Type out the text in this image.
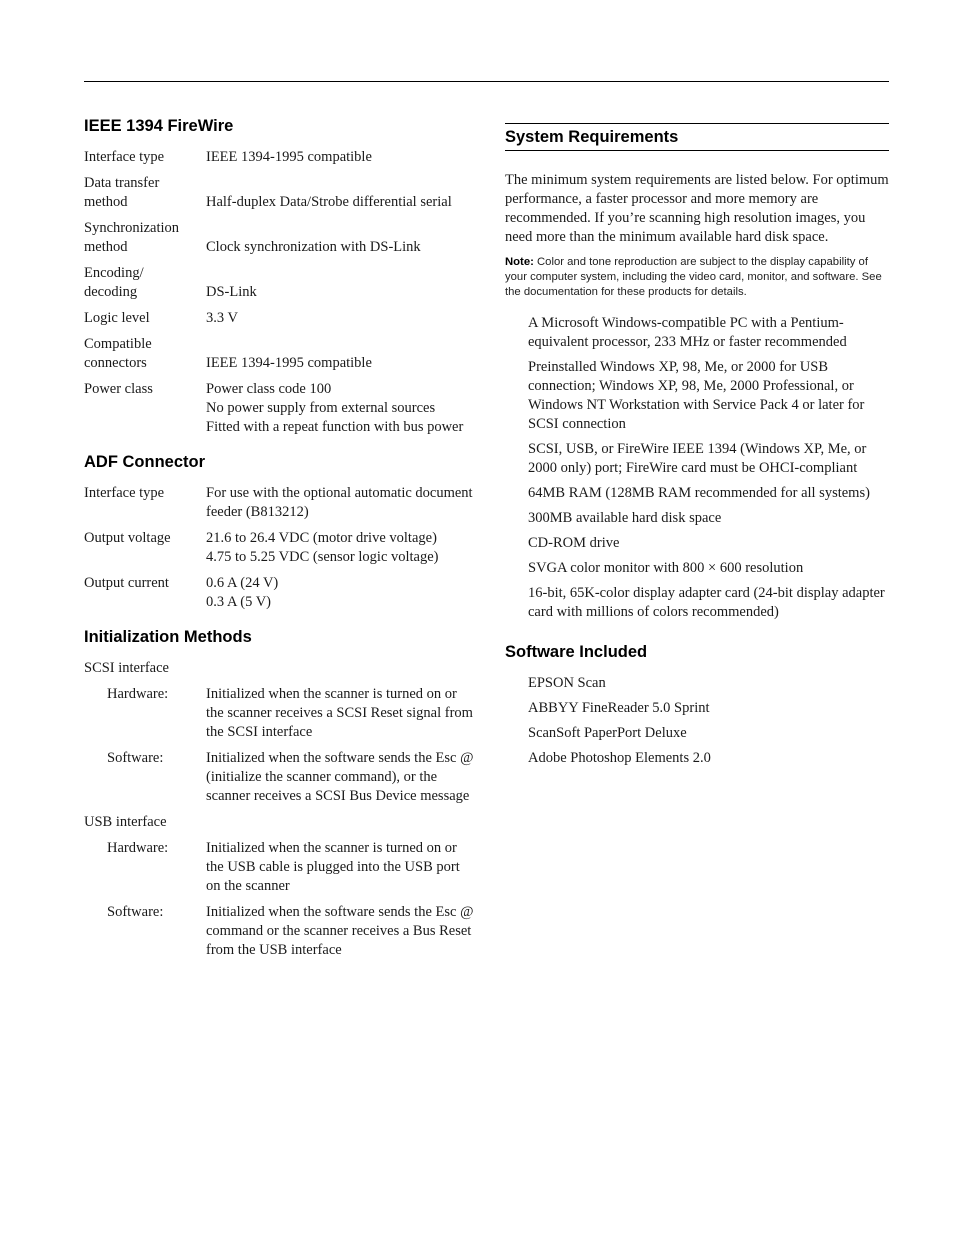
IEEE 1394 FireWire
Interface type	IEEE 1394-1995 compatible
Data transfer method	Half-duplex Data/Strobe differential serial
Synchronization method	Clock synchronization with DS-Link
Encoding/ decoding	DS-Link
Logic level	3.3 V
Compatible connectors	IEEE 1394-1995 compatible
Power class	Power class code 100
No power supply from external sources
Fitted with a repeat function with bus power
ADF Connector
Interface type	For use with the optional automatic document feeder (B813212)
Output voltage	21.6 to 26.4 VDC (motor drive voltage)
4.75 to 5.25 VDC (sensor logic voltage)
Output current	0.6 A (24 V)
0.3 A (5 V)
Initialization Methods
SCSI interface
Hardware:	Initialized when the scanner is turned on or the scanner receives a SCSI Reset signal from the SCSI interface
Software:	Initialized when the software sends the Esc @ (initialize the scanner command), or the scanner receives a SCSI Bus Device message
USB interface
Hardware:	Initialized when the scanner is turned on or the USB cable is plugged into the USB port on the scanner
Software:	Initialized when the software sends the Esc @ command or the scanner receives a Bus Reset from the USB interface
System Requirements

The minimum system requirements are listed below. For optimum performance, a faster processor and more memory are recommended. If you’re scanning high resolution images, you need more than the minimum available hard disk space.

Note: Color and tone reproduction are subject to the display capability of your computer system, including the video card, monitor, and software. See the documentation for these products for details.

A Microsoft Windows-compatible PC with a Pentium-equivalent processor, 233 MHz or faster recommended
Preinstalled Windows XP, 98, Me, or 2000 for USB connection; Windows XP, 98, Me, 2000 Professional, or Windows NT Workstation with Service Pack 4 or later for SCSI connection
SCSI, USB, or FireWire IEEE 1394 (Windows XP, Me, or 2000 only) port; FireWire card must be OHCI-compliant
64MB RAM (128MB RAM recommended for all systems)
300MB available hard disk space
CD-ROM drive
SVGA color monitor with 800 × 600 resolution
16-bit, 65K-color display adapter card (24-bit display adapter card with millions of colors recommended)
Software Included
EPSON Scan
ABBYY FineReader 5.0 Sprint
ScanSoft PaperPort Deluxe
Adobe Photoshop Elements 2.0
